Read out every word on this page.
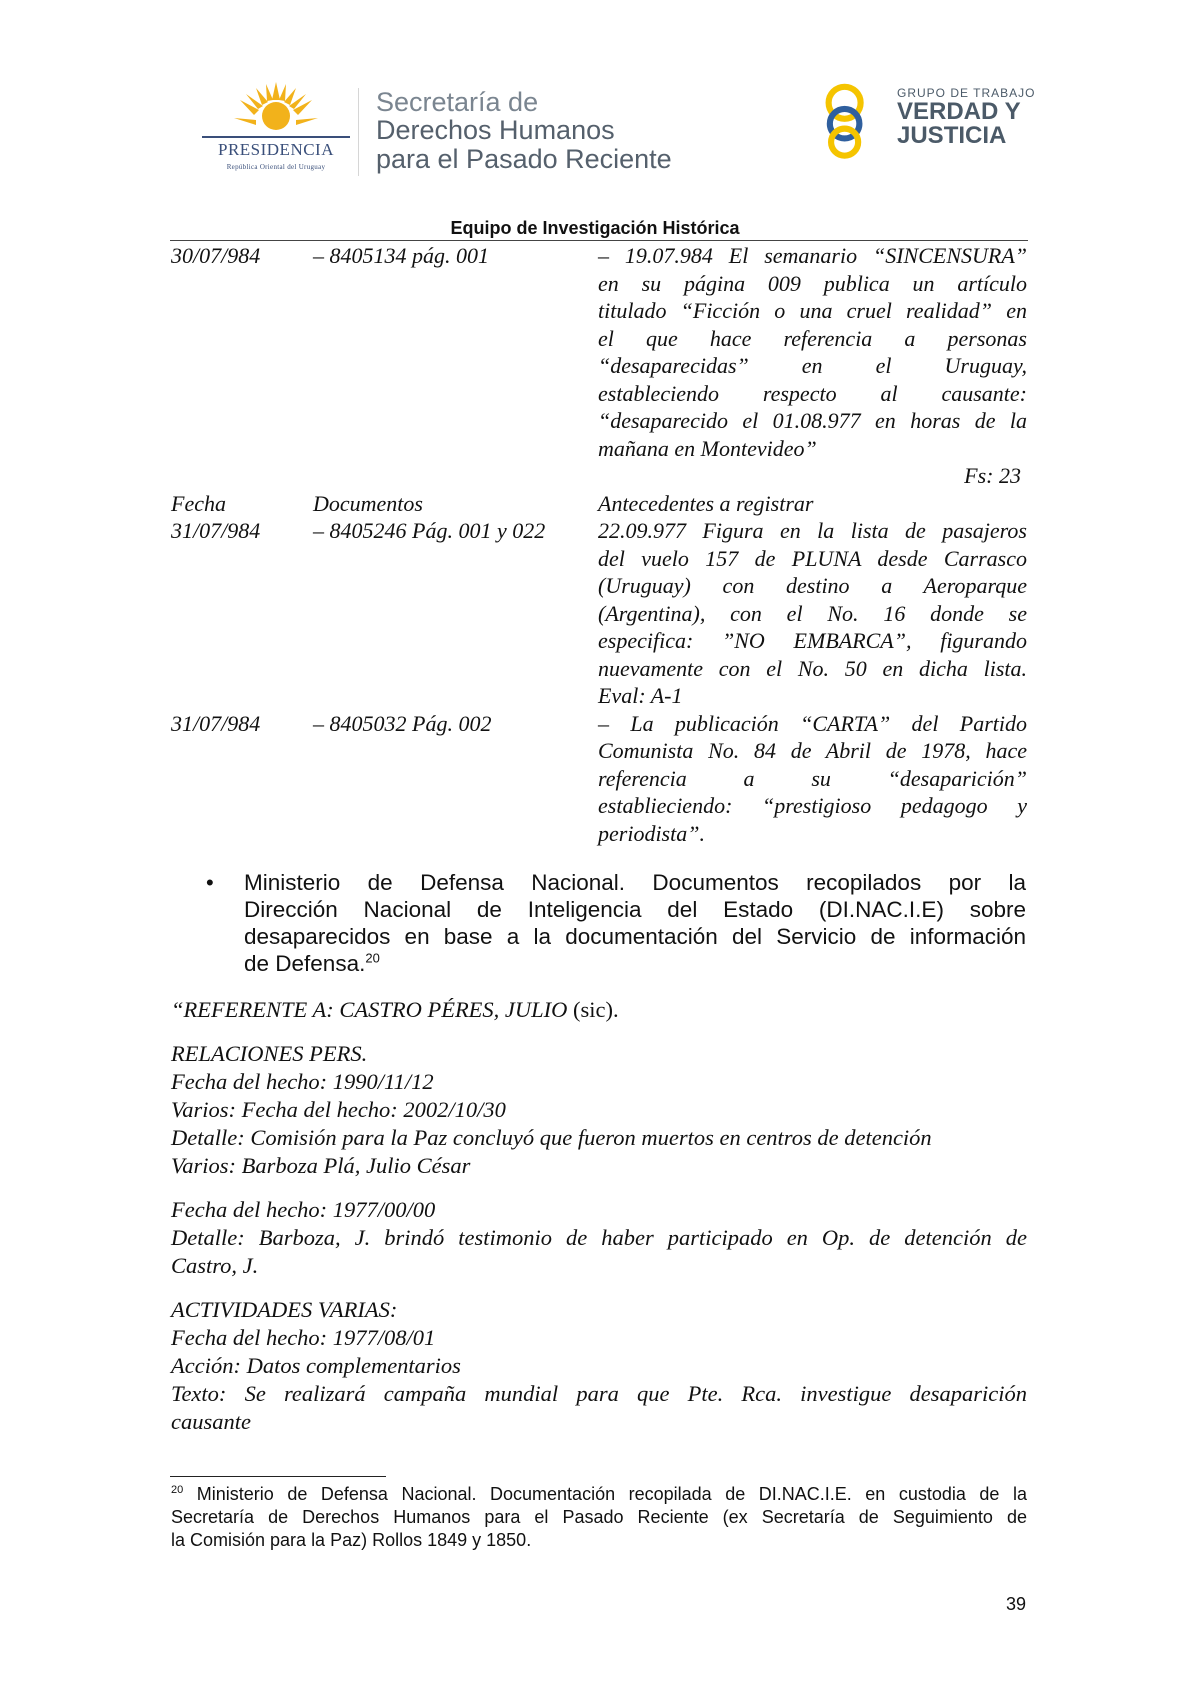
PRESIDENCIA
República Oriental del Uruguay
Secretaría de
Derechos Humanos
para el Pasado Reciente
GRUPO DE TRABAJO
VERDAD Y
JUSTICIA
Equipo de Investigación Histórica
30/07/984	– 8405134 pág. 001	– 19.07.984 El semanario “SINCENSURA”
en su página 009 publica un artículo
titulado “Ficción o una cruel realidad” en
el que hace referencia a personas
“desaparecidas” en el Uruguay,
estableciendo respecto al causante:
“desaparecido el 01.08.977 en horas de la
mañana en Montevideo”
Fs: 23
Fecha	Documentos	Antecedentes a registrar
31/07/984	– 8405246 Pág. 001 y 022	22.09.977 Figura en la lista de pasajeros
del vuelo 157 de PLUNA desde Carrasco
(Uruguay) con destino a Aeroparque
(Argentina), con el No. 16 donde se
especifica: ”NO EMBARCA”, figurando
nuevamente con el No. 50 en dicha lista.
Eval: A-1
31/07/984	– 8405032 Pág. 002	– La publicación “CARTA” del Partido
Comunista No. 84 de Abril de 1978, hace
referencia a su “desaparición”
establieciendo: “prestigioso pedagogo y
periodista”.
• Ministerio de Defensa Nacional. Documentos recopilados por la
Dirección Nacional de Inteligencia del Estado (DI.NAC.I.E) sobre
desaparecidos en base a la documentación del Servicio de información
de Defensa.$^{20}$

“REFERENTE A: CASTRO PÉRES, JULIO (sic).

RELACIONES PERS.
Fecha del hecho: 1990/11/12
Varios: Fecha del hecho: 2002/10/30
Detalle: Comisión para la Paz concluyó que fueron muertos en centros de detención
Varios: Barboza Plá, Julio César

Fecha del hecho: 1977/00/00
Detalle: Barboza, J. brindó testimonio de haber participado en Op. de detención de
Castro, J.

ACTIVIDADES VARIAS:
Fecha del hecho: 1977/08/01
Acción: Datos complementarios
Texto: Se realizará campaña mundial para que Pte. Rca. investigue desaparición
causante

$^{20}$ Ministerio de Defensa Nacional. Documentación recopilada de DI.NAC.I.E. en custodia de la
Secretaría de Derechos Humanos para el Pasado Reciente (ex Secretaría de Seguimiento de
la Comisión para la Paz) Rollos 1849 y 1850.
39
